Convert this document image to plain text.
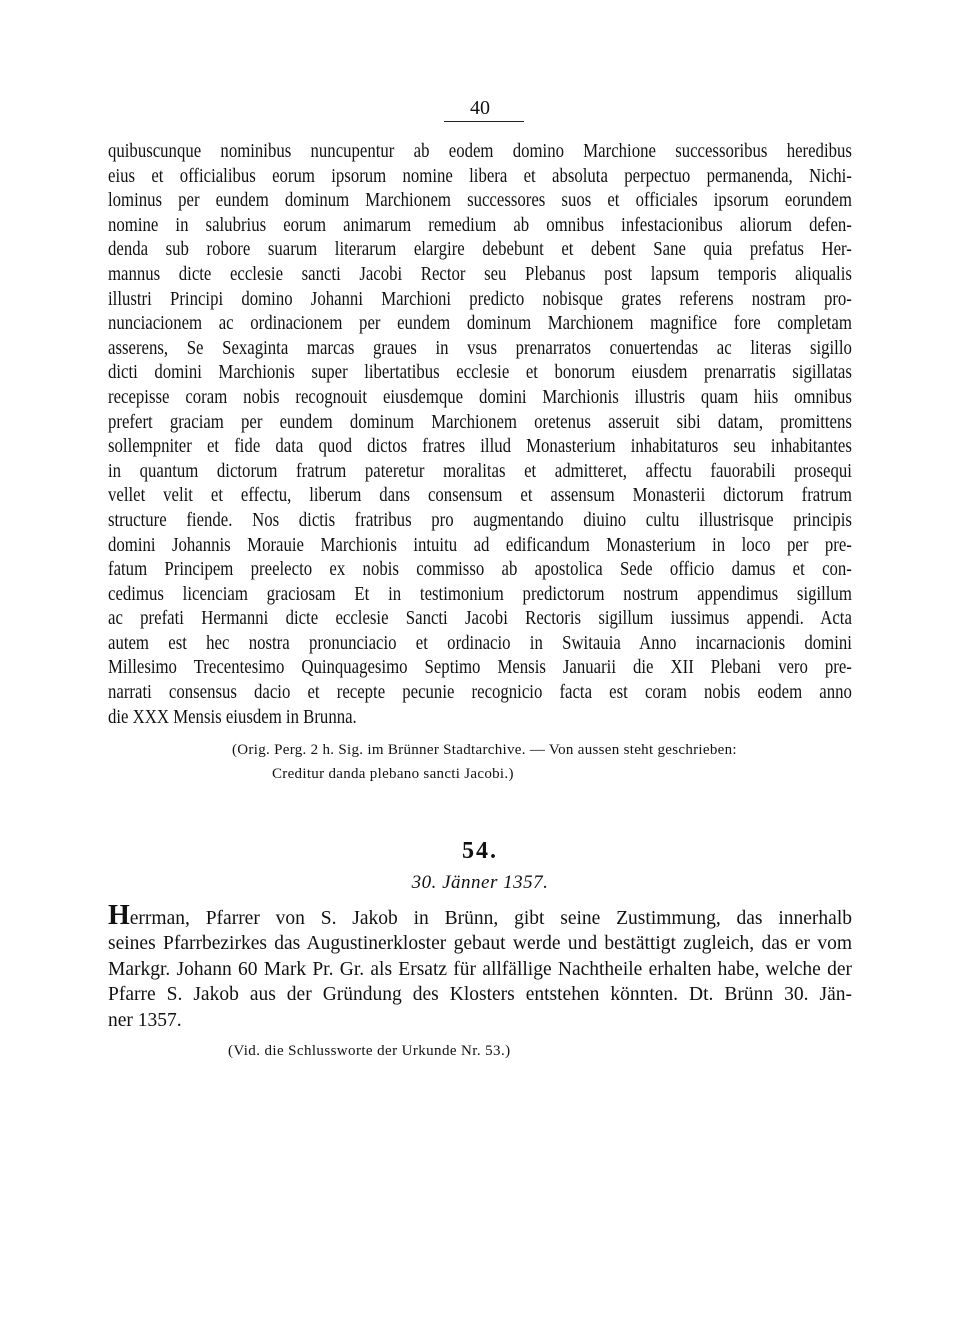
40
quibuscunque nominibus nuncupentur ab eodem domino Marchione successoribus heredibus
eius et officialibus eorum ipsorum nomine libera et absoluta perpectuo permanenda, Nichi-
lominus per eundem dominum Marchionem successores suos et officiales ipsorum eorundem
nomine in salubrius eorum animarum remedium ab omnibus infestacionibus aliorum defen-
denda sub robore suarum literarum elargire debebunt et debent Sane quia prefatus Her-
mannus dicte ecclesie sancti Jacobi Rector seu Plebanus post lapsum temporis aliqualis
illustri Principi domino Johanni Marchioni predicto nobisque grates referens nostram pro-
nunciacionem ac ordinacionem per eundem dominum Marchionem magnifice fore completam
asserens, Se Sexaginta marcas graues in vsus prenarratos conuertendas ac literas sigillo
dicti domini Marchionis super libertatibus ecclesie et bonorum eiusdem prenarratis sigillatas
recepisse coram nobis recognouit eiusdemque domini Marchionis illustris quam hiis omnibus
prefert graciam per eundem dominum Marchionem oretenus asseruit sibi datam, promittens
sollempniter et fide data quod dictos fratres illud Monasterium inhabitaturos seu inhabitantes
in quantum dictorum fratrum pateretur moralitas et admitteret, affectu fauorabili prosequi
vellet velit et effectu, liberum dans consensum et assensum Monasterii dictorum fratrum
structure fiende. Nos dictis fratribus pro augmentando diuino cultu illustrisque principis
domini Johannis Morauie Marchionis intuitu ad edificandum Monasterium in loco per pre-
fatum Principem preelecto ex nobis commisso ab apostolica Sede officio damus et con-
cedimus licenciam graciosam Et in testimonium predictorum nostrum appendimus sigillum
ac prefati Hermanni dicte ecclesie Sancti Jacobi Rectoris sigillum iussimus appendi. Acta
autem est hec nostra pronunciacio et ordinacio in Switauia Anno incarnacionis domini
Millesimo Trecentesimo Quinquagesimo Septimo Mensis Januarii die XII Plebani vero pre-
narrati consensus dacio et recepte pecunie recognicio facta est coram nobis eodem anno
die XXX Mensis eiusdem in Brunna.
(Orig. Perg. 2 h. Sig. im Brünner Stadtarchive. — Von aussen steht geschrieben:
Creditur danda plebano sancti Jacobi.)
54.
30. Jänner 1357.
Herrman, Pfarrer von S. Jakob in Brünn, gibt seine Zustimmung, das innerhalb
seines Pfarrbezirkes das Augustinerkloster gebaut werde und bestättigt zugleich, das er vom
Markgr. Johann 60 Mark Pr. Gr. als Ersatz für allfällige Nachtheile erhalten habe, welche der
Pfarre S. Jakob aus der Gründung des Klosters entstehen könnten. Dt. Brünn 30. Jän-
ner 1357.
(Vid. die Schlussworte der Urkunde Nr. 53.)
